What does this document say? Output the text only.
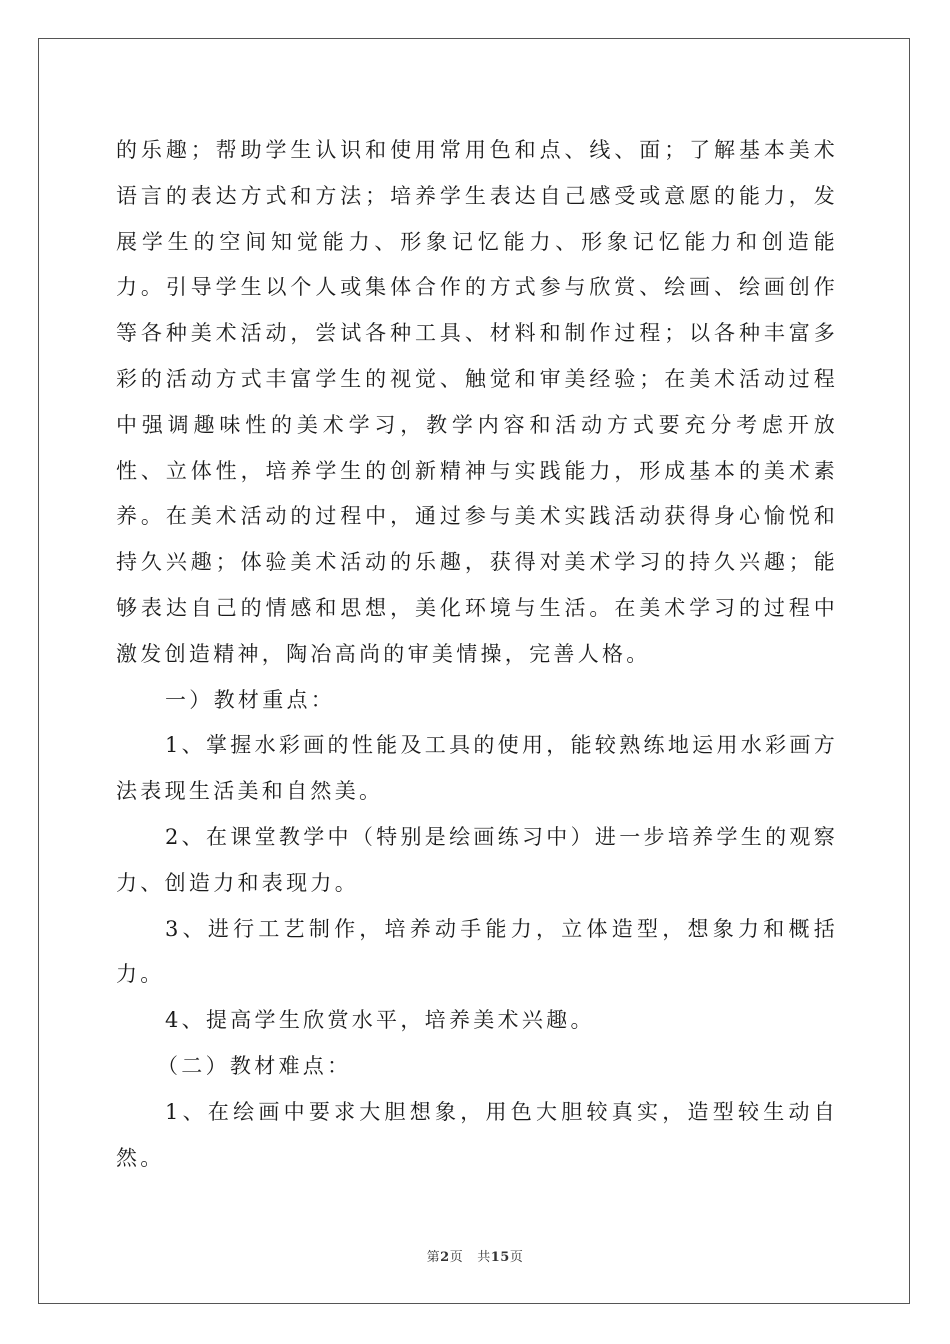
的乐趣；帮助学生认识和使用常用色和点、线、面；了解基本美术语言的表达方式和方法；培养学生表达自己感受或意愿的能力，发展学生的空间知觉能力、形象记忆能力、形象记忆能力和创造能力。引导学生以个人或集体合作的方式参与欣赏、绘画、绘画创作等各种美术活动，尝试各种工具、材料和制作过程；以各种丰富多彩的活动方式丰富学生的视觉、触觉和审美经验；在美术活动过程中强调趣味性的美术学习，教学内容和活动方式要充分考虑开放性、立体性，培养学生的创新精神与实践能力，形成基本的美术素养。在美术活动的过程中，通过参与美术实践活动获得身心愉悦和持久兴趣；体验美术活动的乐趣，获得对美术学习的持久兴趣；能够表达自己的情感和思想，美化环境与生活。在美术学习的过程中激发创造精神，陶冶高尚的审美情操，完善人格。

一）教材重点：

1、掌握水彩画的性能及工具的使用，能较熟练地运用水彩画方法表现生活美和自然美。

2、在课堂教学中（特别是绘画练习中）进一步培养学生的观察力、创造力和表现力。

3、进行工艺制作，培养动手能力，立体造型，想象力和概括力。

4、提高学生欣赏水平，培养美术兴趣。

（二）教材难点：

1、在绘画中要求大胆想象，用色大胆较真实，造型较生动自然。

第2页 共15页
